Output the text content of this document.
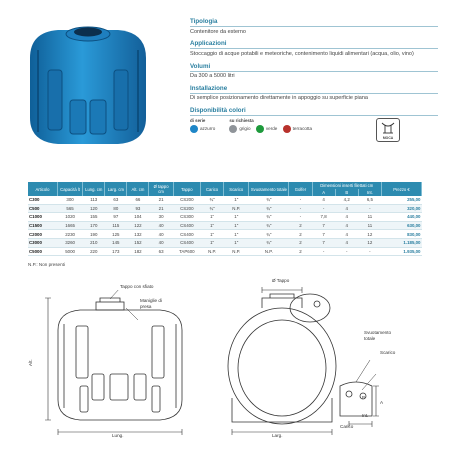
Tipologia
Contenitore da esterno
Applicazioni
Stoccaggio di acque potabili e meteoriche, contenimento liquidi alimentari (acqua, olio, vino)
Volumi
Da 300 a 5000 litri
Installazione
Di semplice posizionamento direttamente in appoggio su superficie piana
Disponibilità colori
di serie
azzurro
su richiesta
grigio
	verde
	terracotta
MOCA
Articolo	Capacità lt	Lung. cm	Larg. cm	Alt. cm	Ø tappo cm	Tappo	Carico	Scarico	Svuotamento totale	Golfer	Dimensioni inserti filettati cm			Prezzo €
											A	B	Int.	
C300	300	113	63	66	21	CS200	¾"	1"	¾"	-	4	4,2	6,5	255,00
C500	565	120	80	93	21	CS200	¾"	N.P.	¾"	-	-	4	-	320,00
C1000	1020	155	97	104	30	CS300	1"	1"	¾"	-	7,8	4	11	440,00
C1500	1665	170	115	122	40	CS400	1"	1"	¾"	2	7	4	11	630,00
C2000	2230	190	125	132	40	CS400	1"	1"	¾"	2	7	4	12	830,00
C3000	3260	210	145	152	40	CS400	1"	1"	¾"	2	7	4	12	1.185,00
C5000	5000	220	173	182	63	TAP600	N.P.	N.P.	N.P.	2	-	-	-	1.935,00
N.P.: Non presenti
Tappo con sfiato
Maniglie di
presa
Alt.
Lung.
Ø Tappo
Svuotamento
totale
Scarico
A
B
Int.
Larg.
Carico
